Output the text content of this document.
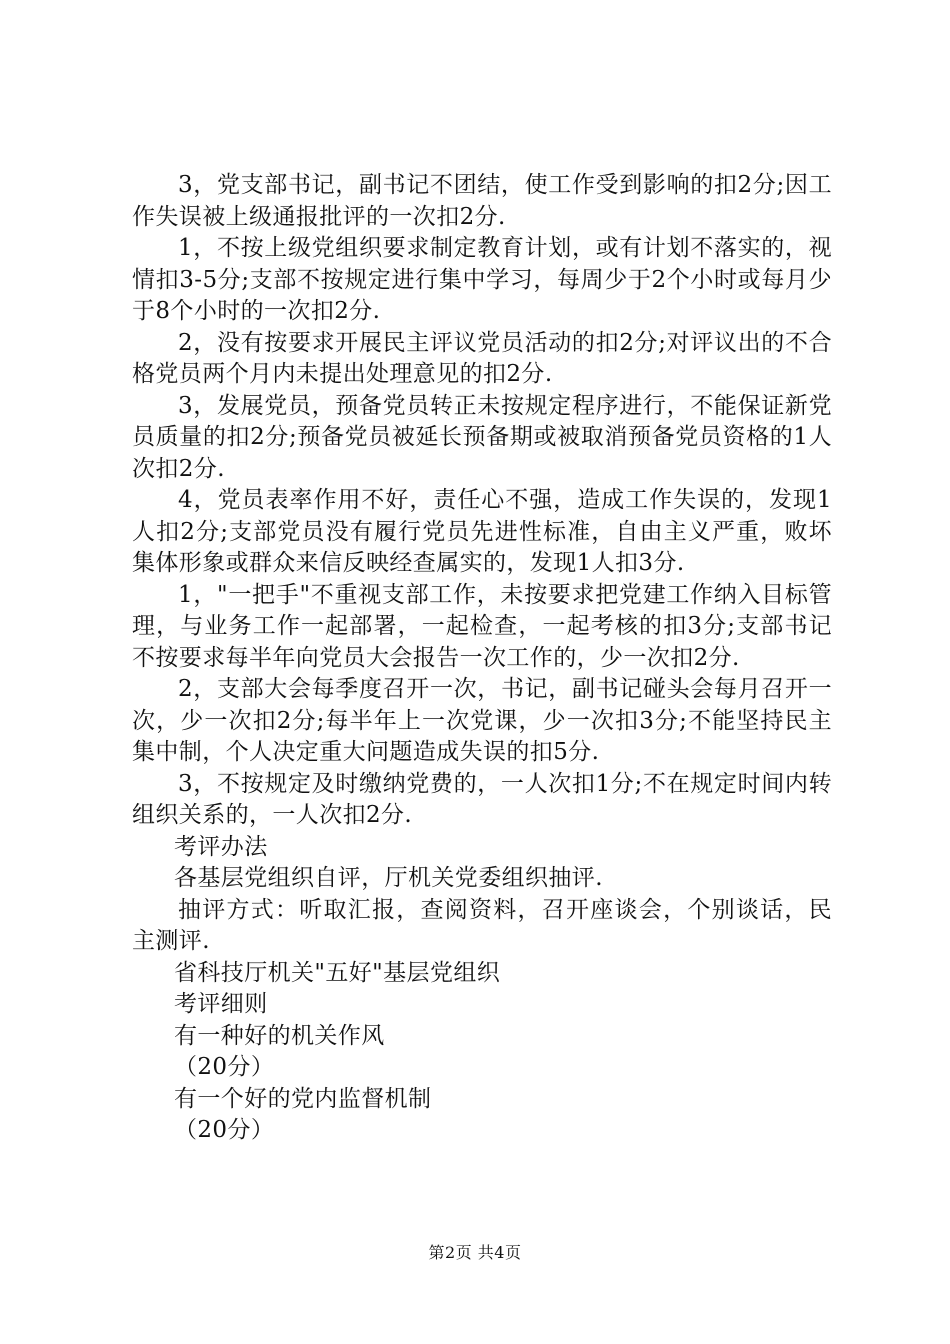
3，党支部书记，副书记不团结，使工作受到影响的扣2分;因工作失误被上级通报批评的一次扣2分.

1，不按上级党组织要求制定教育计划，或有计划不落实的，视情扣3-5分;支部不按规定进行集中学习，每周少于2个小时或每月少于8个小时的一次扣2分.

2，没有按要求开展民主评议党员活动的扣2分;对评议出的不合格党员两个月内未提出处理意见的扣2分.

3，发展党员，预备党员转正未按规定程序进行，不能保证新党员质量的扣2分;预备党员被延长预备期或被取消预备党员资格的1人次扣2分.

4，党员表率作用不好，责任心不强，造成工作失误的，发现1人扣2分;支部党员没有履行党员先进性标准，自由主义严重，败坏集体形象或群众来信反映经查属实的，发现1人扣3分.

1，"一把手"不重视支部工作，未按要求把党建工作纳入目标管理，与业务工作一起部署，一起检查，一起考核的扣3分;支部书记不按要求每半年向党员大会报告一次工作的，少一次扣2分.

2，支部大会每季度召开一次，书记，副书记碰头会每月召开一次，少一次扣2分;每半年上一次党课，少一次扣3分;不能坚持民主集中制，个人决定重大问题造成失误的扣5分.

3，不按规定及时缴纳党费的，一人次扣1分;不在规定时间内转组织关系的，一人次扣2分.

考评办法

各基层党组织自评，厅机关党委组织抽评.

抽评方式：听取汇报，查阅资料，召开座谈会，个别谈话，民主测评.

省科技厅机关"五好"基层党组织

考评细则

有一种好的机关作风

（20分）

有一个好的党内监督机制

（20分）

第2页 共4页
